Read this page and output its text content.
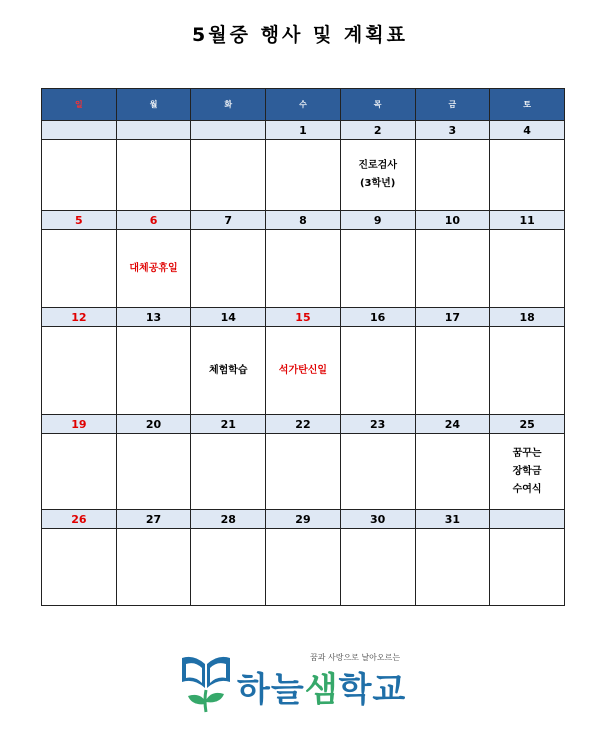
5월중 행사 및 계획표
일	월	화	수	목	금	토
			1	2	3	4
				진로검사
(3학년)		
5	6	7	8	9	10	11
	대체공휴일					
12	13	14	15	16	17	18
		체험학습	석가탄신일			
19	20	21	22	23	24	25
						꿈꾸는
장학금
수여식
26	27	28	29	30	31	

꿈과 사랑으로 날아오르는
하늘샘학교
